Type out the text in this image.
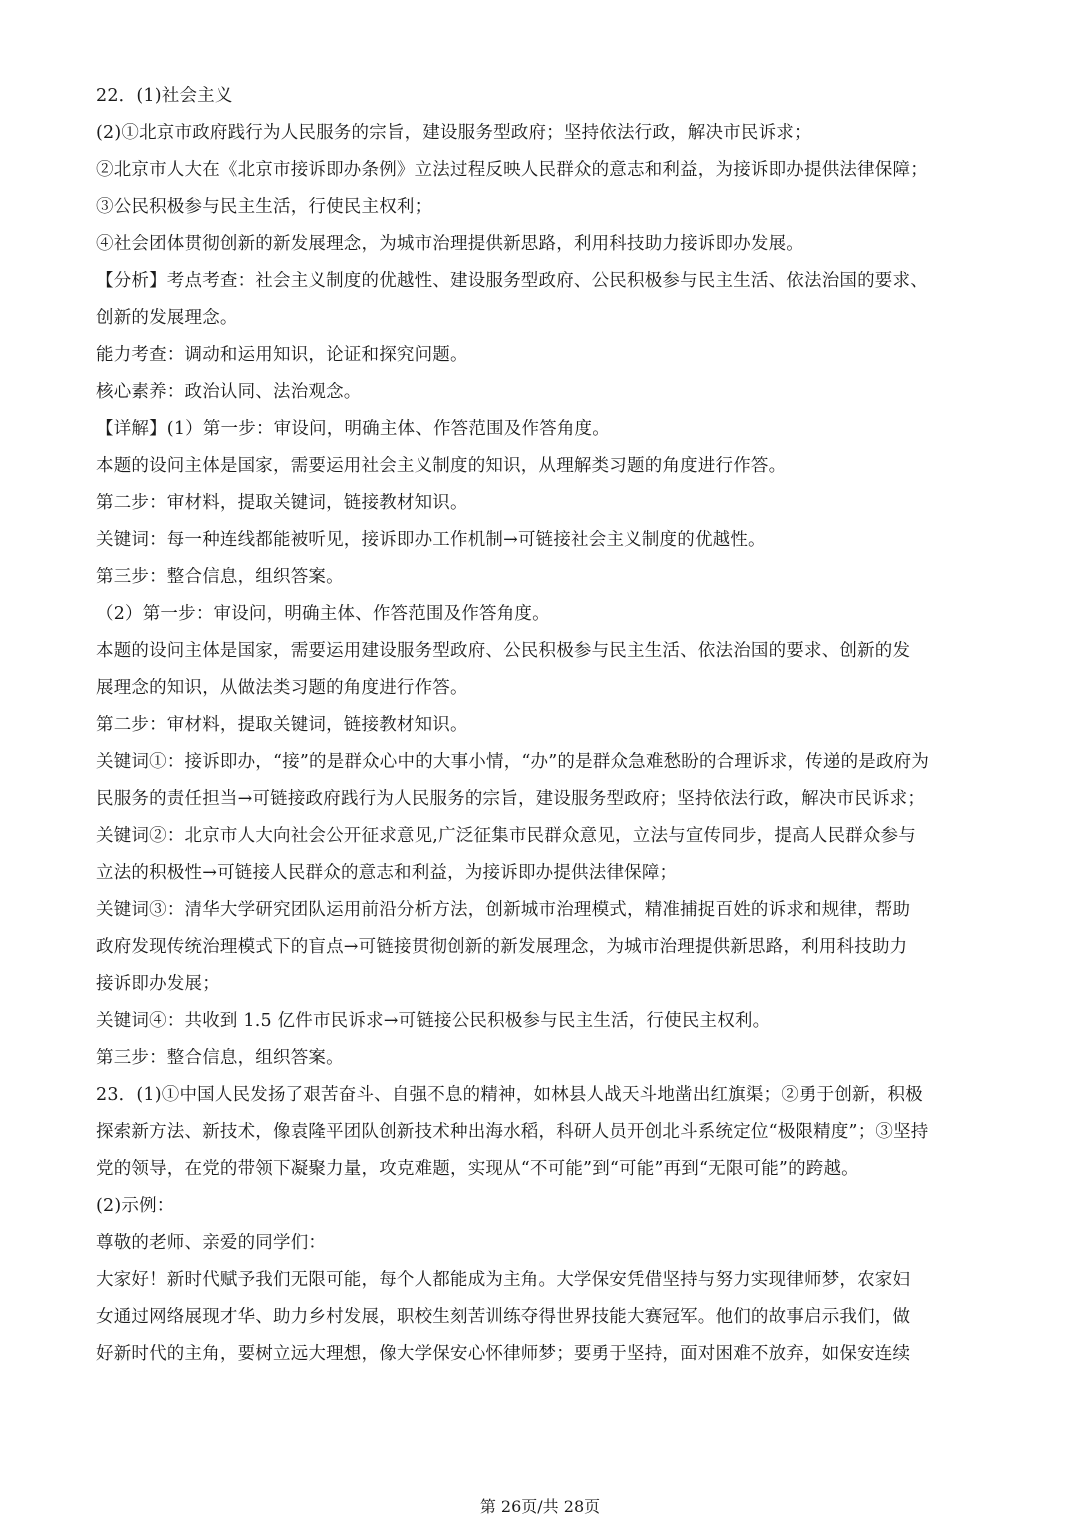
22．(1)社会主义
(2)①北京市政府践行为人民服务的宗旨，建设服务型政府；坚持依法行政，解决市民诉求；
②北京市人大在《北京市接诉即办条例》立法过程反映人民群众的意志和利益，为接诉即办提供法律保障；
③公民积极参与民主生活，行使民主权利；
④社会团体贯彻创新的新发展理念，为城市治理提供新思路，利用科技助力接诉即办发展。
【分析】考点考查：社会主义制度的优越性、建设服务型政府、公民积极参与民主生活、依法治国的要求、
创新的发展理念。
能力考查：调动和运用知识，论证和探究问题。
核心素养：政治认同、法治观念。
【详解】(1）第一步：审设问，明确主体、作答范围及作答角度。
本题的设问主体是国家，需要运用社会主义制度的知识，从理解类习题的角度进行作答。
第二步：审材料，提取关键词，链接教材知识。
关键词：每一种连线都能被听见，接诉即办工作机制→可链接社会主义制度的优越性。
第三步：整合信息，组织答案。
（2）第一步：审设问，明确主体、作答范围及作答角度。
本题的设问主体是国家，需要运用建设服务型政府、公民积极参与民主生活、依法治国的要求、创新的发
展理念的知识，从做法类习题的角度进行作答。
第二步：审材料，提取关键词，链接教材知识。
关键词①：接诉即办，“接”的是群众心中的大事小情，“办”的是群众急难愁盼的合理诉求，传递的是政府为
民服务的责任担当→可链接政府践行为人民服务的宗旨，建设服务型政府；坚持依法行政，解决市民诉求；
关键词②：北京市人大向社会公开征求意见,广泛征集市民群众意见，立法与宣传同步，提高人民群众参与
立法的积极性→可链接人民群众的意志和利益，为接诉即办提供法律保障；
关键词③：清华大学研究团队运用前沿分析方法，创新城市治理模式，精准捕捉百姓的诉求和规律，帮助
政府发现传统治理模式下的盲点→可链接贯彻创新的新发展理念，为城市治理提供新思路，利用科技助力
接诉即办发展；
关键词④：共收到 1.5 亿件市民诉求→可链接公民积极参与民主生活，行使民主权利。
第三步：整合信息，组织答案。
23．(1)①中国人民发扬了艰苦奋斗、自强不息的精神，如林县人战天斗地凿出红旗渠；②勇于创新，积极
探索新方法、新技术，像袁隆平团队创新技术种出海水稻，科研人员开创北斗系统定位“极限精度”；③坚持
党的领导，在党的带领下凝聚力量，攻克难题，实现从“不可能”到“可能”再到“无限可能”的跨越。
(2)示例：
尊敬的老师、亲爱的同学们：
大家好！新时代赋予我们无限可能，每个人都能成为主角。大学保安凭借坚持与努力实现律师梦，农家妇
女通过网络展现才华、助力乡村发展，职校生刻苦训练夺得世界技能大赛冠军。他们的故事启示我们，做
好新时代的主角，要树立远大理想，像大学保安心怀律师梦；要勇于坚持，面对困难不放弃，如保安连续
第 26页/共 28页
